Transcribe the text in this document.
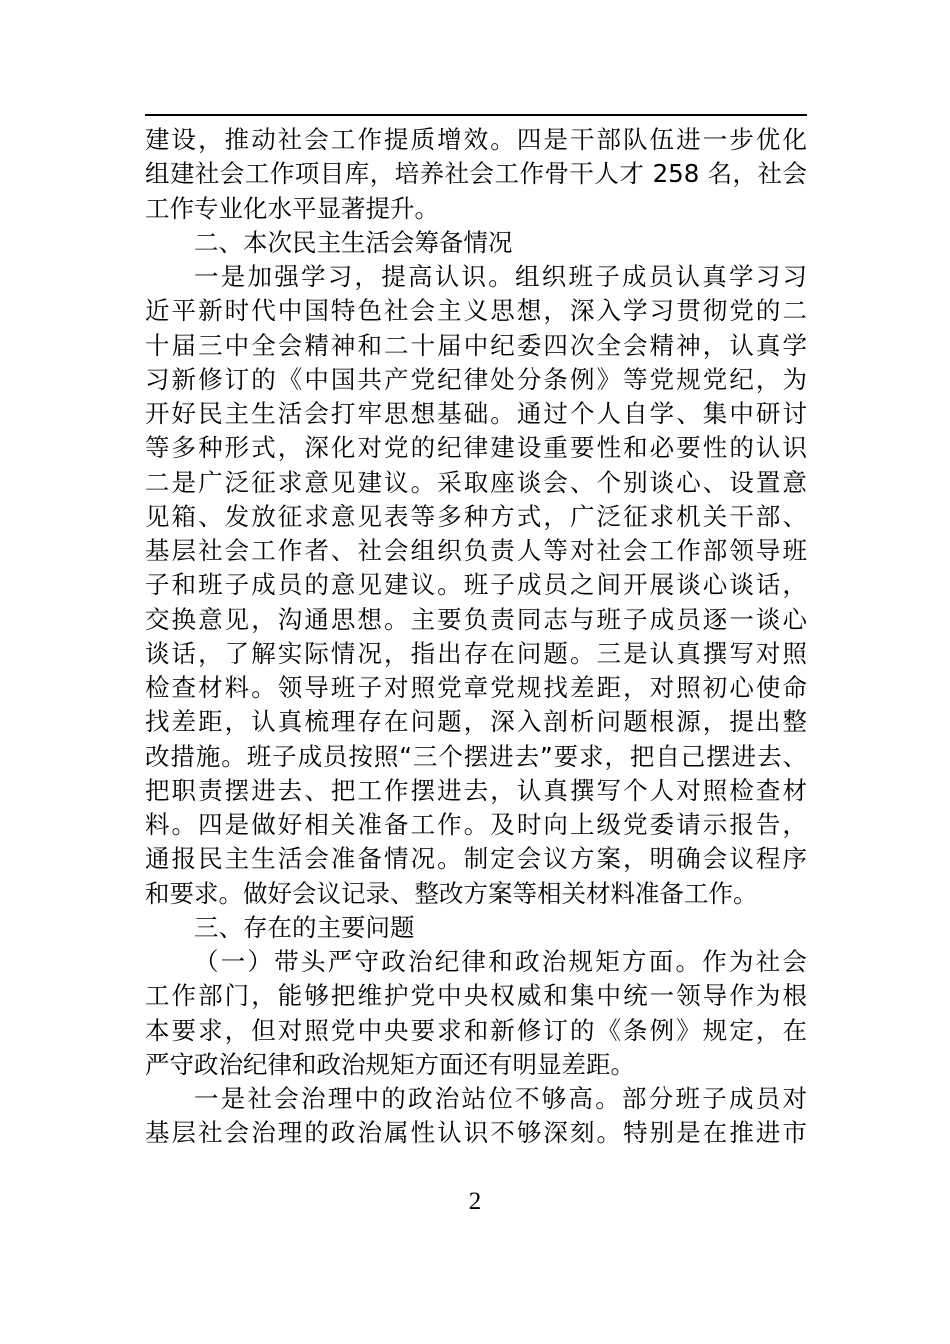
建设，推动社会工作提质增效。四是干部队伍进一步优化
组建社会工作项目库，培养社会工作骨干人才 258 名，社会
工作专业化水平显著提升。
二、本次民主生活会筹备情况
一是加强学习，提高认识。组织班子成员认真学习习
近平新时代中国特色社会主义思想，深入学习贯彻党的二
十届三中全会精神和二十届中纪委四次全会精神，认真学
习新修订的《中国共产党纪律处分条例》等党规党纪，为
开好民主生活会打牢思想基础。通过个人自学、集中研讨
等多种形式，深化对党的纪律建设重要性和必要性的认识
二是广泛征求意见建议。采取座谈会、个别谈心、设置意
见箱、发放征求意见表等多种方式，广泛征求机关干部、
基层社会工作者、社会组织负责人等对社会工作部领导班
子和班子成员的意见建议。班子成员之间开展谈心谈话，
交换意见，沟通思想。主要负责同志与班子成员逐一谈心
谈话，了解实际情况，指出存在问题。三是认真撰写对照
检查材料。领导班子对照党章党规找差距，对照初心使命
找差距，认真梳理存在问题，深入剖析问题根源，提出整
改措施。班子成员按照“三个摆进去”要求，把自己摆进去、
把职责摆进去、把工作摆进去，认真撰写个人对照检查材
料。四是做好相关准备工作。及时向上级党委请示报告，
通报民主生活会准备情况。制定会议方案，明确会议程序
和要求。做好会议记录、整改方案等相关材料准备工作。
三、存在的主要问题
（一）带头严守政治纪律和政治规矩方面。作为社会
工作部门，能够把维护党中央权威和集中统一领导作为根
本要求，但对照党中央要求和新修订的《条例》规定，在
严守政治纪律和政治规矩方面还有明显差距。
一是社会治理中的政治站位不够高。部分班子成员对
基层社会治理的政治属性认识不够深刻。特别是在推进市
2
